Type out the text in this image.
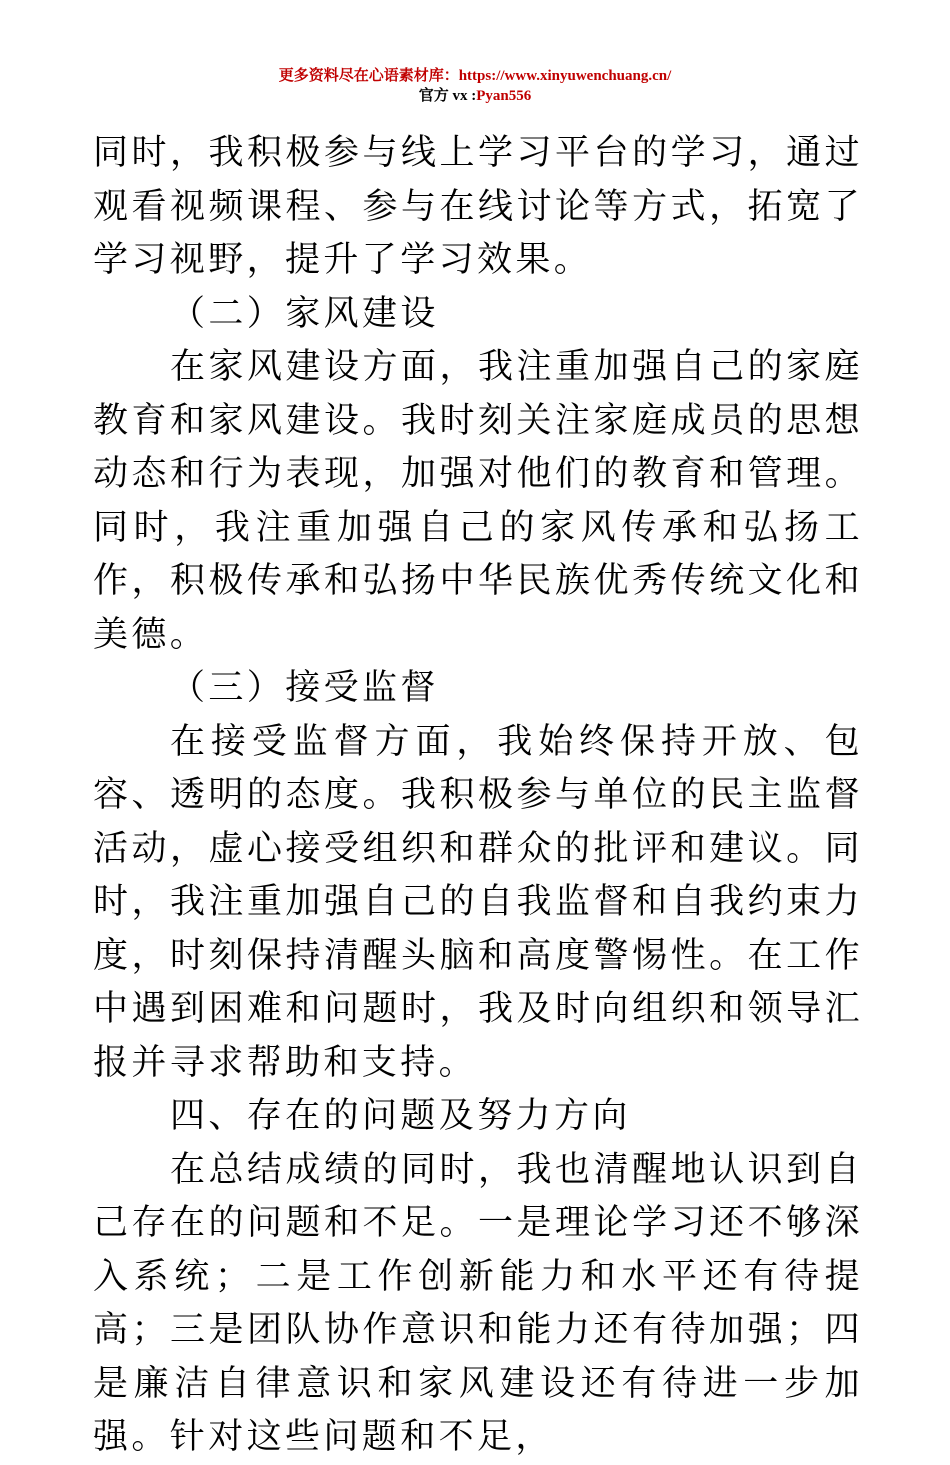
更多资料尽在心语素材库：https://www.xinyuwenchuang.cn/
官方 vx :Pyan556

同时，我积极参与线上学习平台的学习，通过观看视频课程、参与在线讨论等方式，拓宽了学习视野，提升了学习效果。

（二）家风建设

在家风建设方面，我注重加强自己的家庭教育和家风建设。我时刻关注家庭成员的思想动态和行为表现，加强对他们的教育和管理。同时，我注重加强自己的家风传承和弘扬工作，积极传承和弘扬中华民族优秀传统文化和美德。

（三）接受监督

在接受监督方面，我始终保持开放、包容、透明的态度。我积极参与单位的民主监督活动，虚心接受组织和群众的批评和建议。同时，我注重加强自己的自我监督和自我约束力度，时刻保持清醒头脑和高度警惕性。在工作中遇到困难和问题时，我及时向组织和领导汇报并寻求帮助和支持。

四、存在的问题及努力方向

在总结成绩的同时，我也清醒地认识到自己存在的问题和不足。一是理论学习还不够深入系统；二是工作创新能力和水平还有待提高；三是团队协作意识和能力还有待加强；四是廉洁自律意识和家风建设还有待进一步加强。针对这些问题和不足，
